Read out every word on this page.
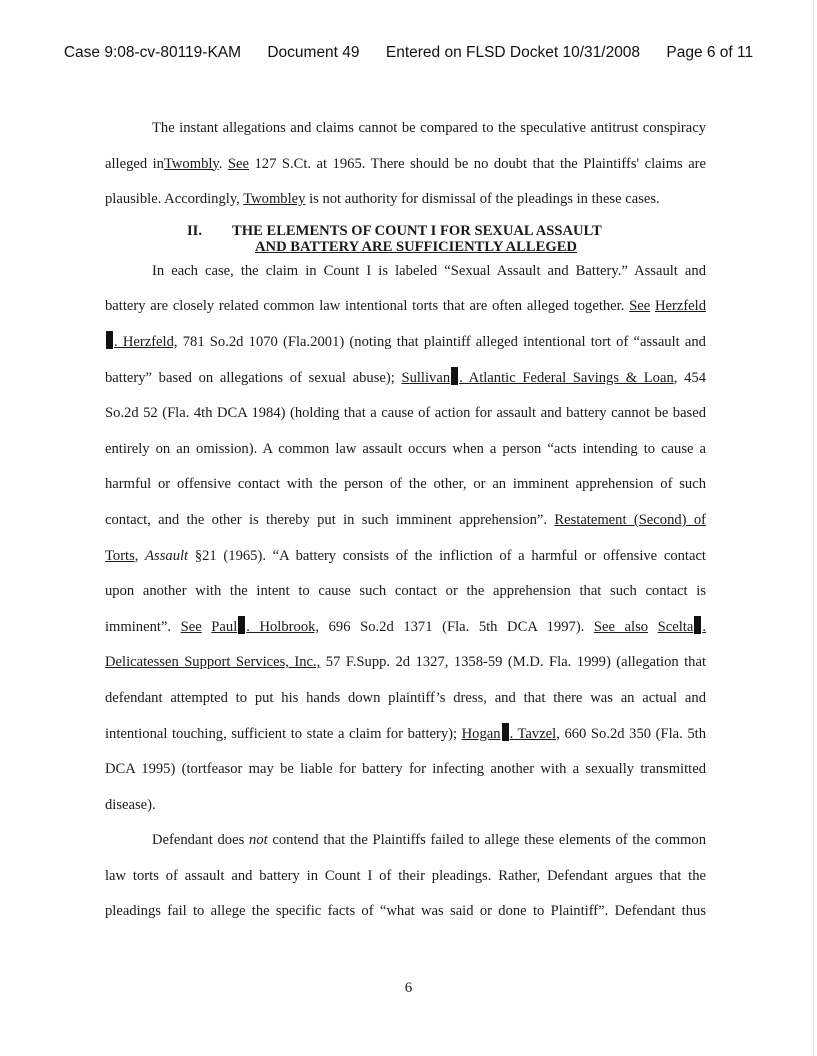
Case 9:08-cv-80119-KAM Document 49 Entered on FLSD Docket 10/31/2008 Page 6 of 11
The instant allegations and claims cannot be compared to the speculative antitrust conspiracy
alleged inTwombly. See 127 S.Ct. at 1965. There should be no doubt that the Plaintiffs' claims are
plausible. Accordingly, Twombley is not authority for dismissal of the pleadings in these cases.
II. THE ELEMENTS OF COUNT I FOR SEXUAL ASSAULT
AND BATTERY ARE SUFFICIENTLY ALLEGED
In each case, the claim in Count I is labeled “Sexual Assault and Battery.” Assault and
battery are closely related common law intentional torts that are often alleged together. See Herzfeld
. Herzfeld, 781 So.2d 1070 (Fla.2001) (noting that plaintiff alleged intentional tort of “assault and
battery” based on allegations of sexual abuse); Sullivan . Atlantic Federal Savings & Loan, 454
So.2d 52 (Fla. 4th DCA 1984) (holding that a cause of action for assault and battery cannot be based
entirely on an omission). A common law assault occurs when a person “acts intending to cause a
harmful or offensive contact with the person of the other, or an imminent apprehension of such
contact, and the other is thereby put in such imminent apprehension”. Restatement (Second) of
Torts, Assault §21 (1965). “A battery consists of the infliction of a harmful or offensive contact
upon another with the intent to cause such contact or the apprehension that such contact is
imminent”. See Paul . Holbrook, 696 So.2d 1371 (Fla. 5th DCA 1997). See also Scelta .
Delicatessen Support Services, Inc., 57 F.Supp. 2d 1327, 1358-59 (M.D. Fla. 1999) (allegation that
defendant attempted to put his hands down plaintiff’s dress, and that there was an actual and
intentional touching, sufficient to state a claim for battery); Hogan . Tavzel, 660 So.2d 350 (Fla. 5th
DCA 1995) (tortfeasor may be liable for battery for infecting another with a sexually transmitted
disease).
Defendant does not contend that the Plaintiffs failed to allege these elements of the common
law torts of assault and battery in Count I of their pleadings. Rather, Defendant argues that the
pleadings fail to allege the specific facts of “what was said or done to Plaintiff”. Defendant thus
6
